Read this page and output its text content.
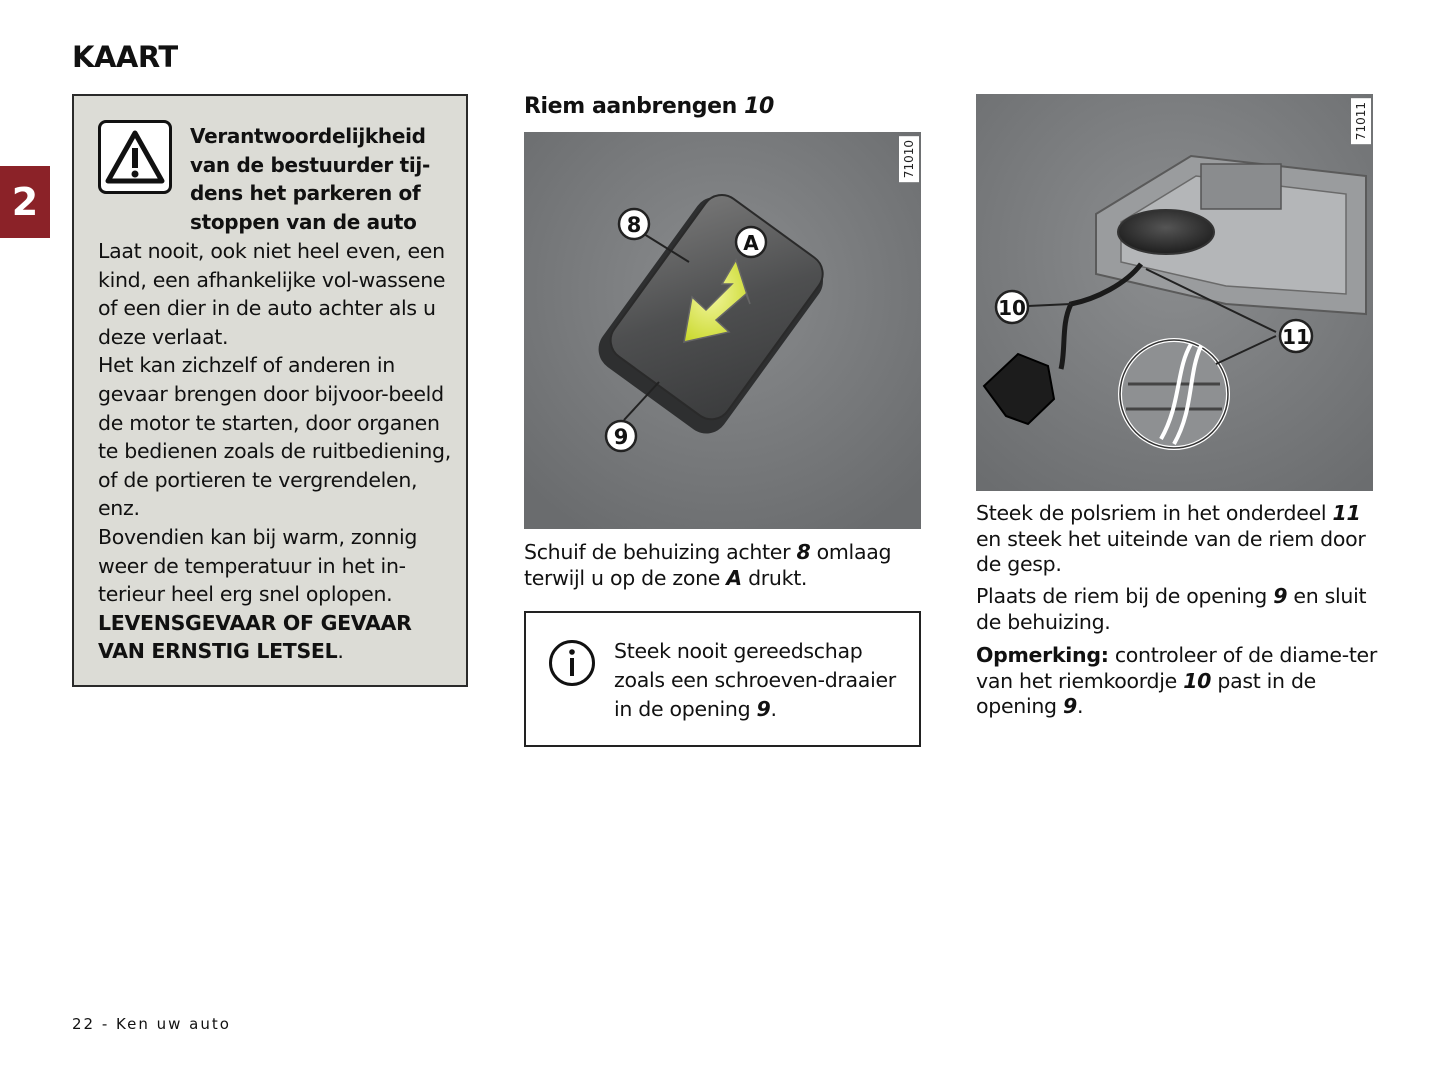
KAART
2
Verantwoordelijkheid van de bestuurder tij-dens het parkeren of stoppen van de auto

Laat nooit, ook niet heel even, een kind, een afhankelijke vol-wassene of een dier in de auto achter als u deze verlaat.

Het kan zichzelf of anderen in gevaar brengen door bijvoor-beeld de motor te starten, door organen te bedienen zoals de ruitbediening, of de portieren te vergrendelen, enz.

Bovendien kan bij warm, zonnig weer de temperatuur in het in-terieur heel erg snel oplopen.

LEVENSGEVAAR OF GEVAAR VAN ERNSTIG LETSEL.

Riem aanbrengen 10
8
A
9
71010

Schuif de behuizing achter 8 omlaag terwijl u op de zone A drukt.

Steek nooit gereedschap zoals een schroeven-draaier in de opening 9.
10
11
71011

Steek de polsriem in het onderdeel 11 en steek het uiteinde van de riem door de gesp.

Plaats de riem bij de opening 9 en sluit de behuizing.

Opmerking: controleer of de diame-ter van het riemkoordje 10 past in de opening 9.

22 - Ken uw auto
